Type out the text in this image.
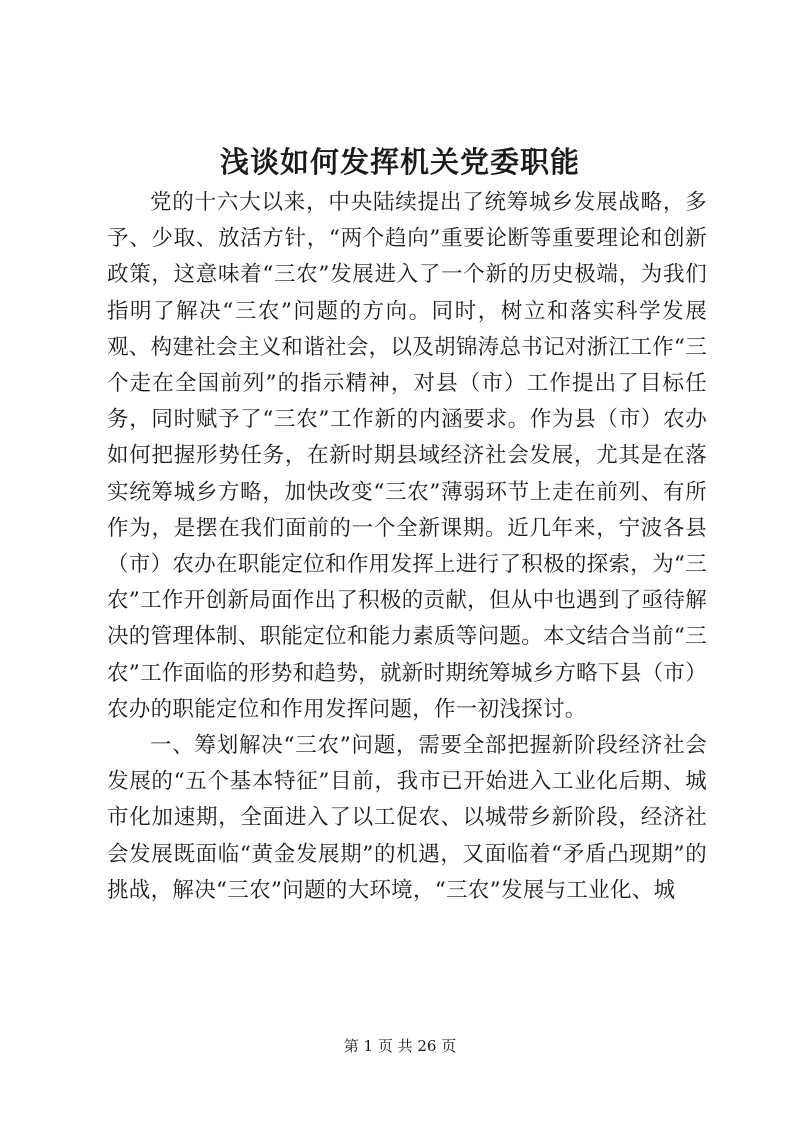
浅谈如何发挥机关党委职能

党的十六大以来，中央陆续提出了统筹城乡发展战略，多予、少取、放活方针，“两个趋向”重要论断等重要理论和创新政策，这意味着“三农”发展进入了一个新的历史极端，为我们指明了解决“三农”问题的方向。同时，树立和落实科学发展观、构建社会主义和谐社会，以及胡锦涛总书记对浙江工作“三个走在全国前列”的指示精神，对县（市）工作提出了目标任务，同时赋予了“三农”工作新的内涵要求。作为县（市）农办如何把握形势任务，在新时期县域经济社会发展，尤其是在落实统筹城乡方略，加快改变“三农”薄弱环节上走在前列、有所作为，是摆在我们面前的一个全新课期。近几年来，宁波各县（市）农办在职能定位和作用发挥上进行了积极的探索，为“三农”工作开创新局面作出了积极的贡献，但从中也遇到了亟待解决的管理体制、职能定位和能力素质等问题。本文结合当前“三农”工作面临的形势和趋势，就新时期统筹城乡方略下县（市）农办的职能定位和作用发挥问题，作一初浅探讨。

一、筹划解决“三农”问题，需要全部把握新阶段经济社会发展的“五个基本特征”目前，我市已开始进入工业化后期、城市化加速期，全面进入了以工促农、以城带乡新阶段，经济社会发展既面临“黄金发展期”的机遇，又面临着“矛盾凸现期”的挑战，解决“三农”问题的大环境，“三农”发展与工业化、城

第 1 页 共 26 页
